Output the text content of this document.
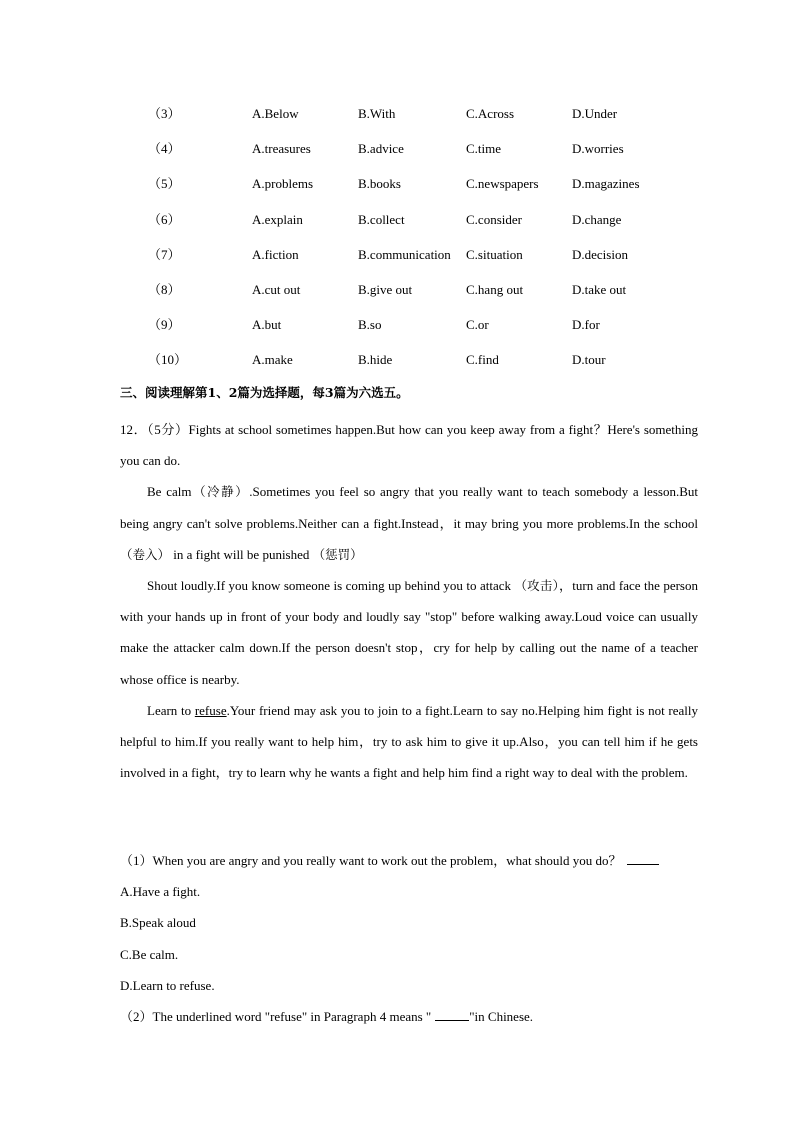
（3）	A.Below	B.With	C.Across	D.Under
（4）	A.treasures	B.advice	C.time	D.worries
（5）	A.problems	B.books	C.newspapers	D.magazines
（6）	A.explain	B.collect	C.consider	D.change
（7）	A.fiction	B.communication C.situation	D.decision
（8）	A.cut out	B.give out	C.hang out	D.take out
（9）	A.but	B.so	C.or	D.for
（10）	A.make	B.hide	C.find	D.tour
三、阅读理解第1、2篇为选择题，每3篇为六选五。

12．（5分）Fights at school sometimes happen.But how can you keep away from a fight？Here's something you can do.

Be calm（冷静）.Sometimes you feel so angry that you really want to teach somebody a lesson.But being angry can't solve problems.Neither can a fight.Instead，it may bring you more problems.In the school（卷入） in a fight will be punished （惩罚）

Shout loudly.If you know someone is coming up behind you to attack （攻击），turn and face the person with your hands up in front of your body and loudly say "stop" before walking away.Loud voice can usually make the attacker calm down.If the person doesn't stop，cry for help by calling out the name of a teacher whose office is nearby.

Learn to refuse.Your friend may ask you to join to a fight.Learn to say no.Helping him fight is not really helpful to him.If you really want to help him，try to ask him to give it up.Also，you can tell him if he gets involved in a fight，try to learn why he wants a fight and help him find a right way to deal with the problem.

（1）When you are angry and you really want to work out the problem，what should you do？
A.Have a fight.
B.Speak aloud
C.Be calm.
D.Learn to refuse.
（2）The underlined word "refuse" in Paragraph 4 means "	"in Chinese.
